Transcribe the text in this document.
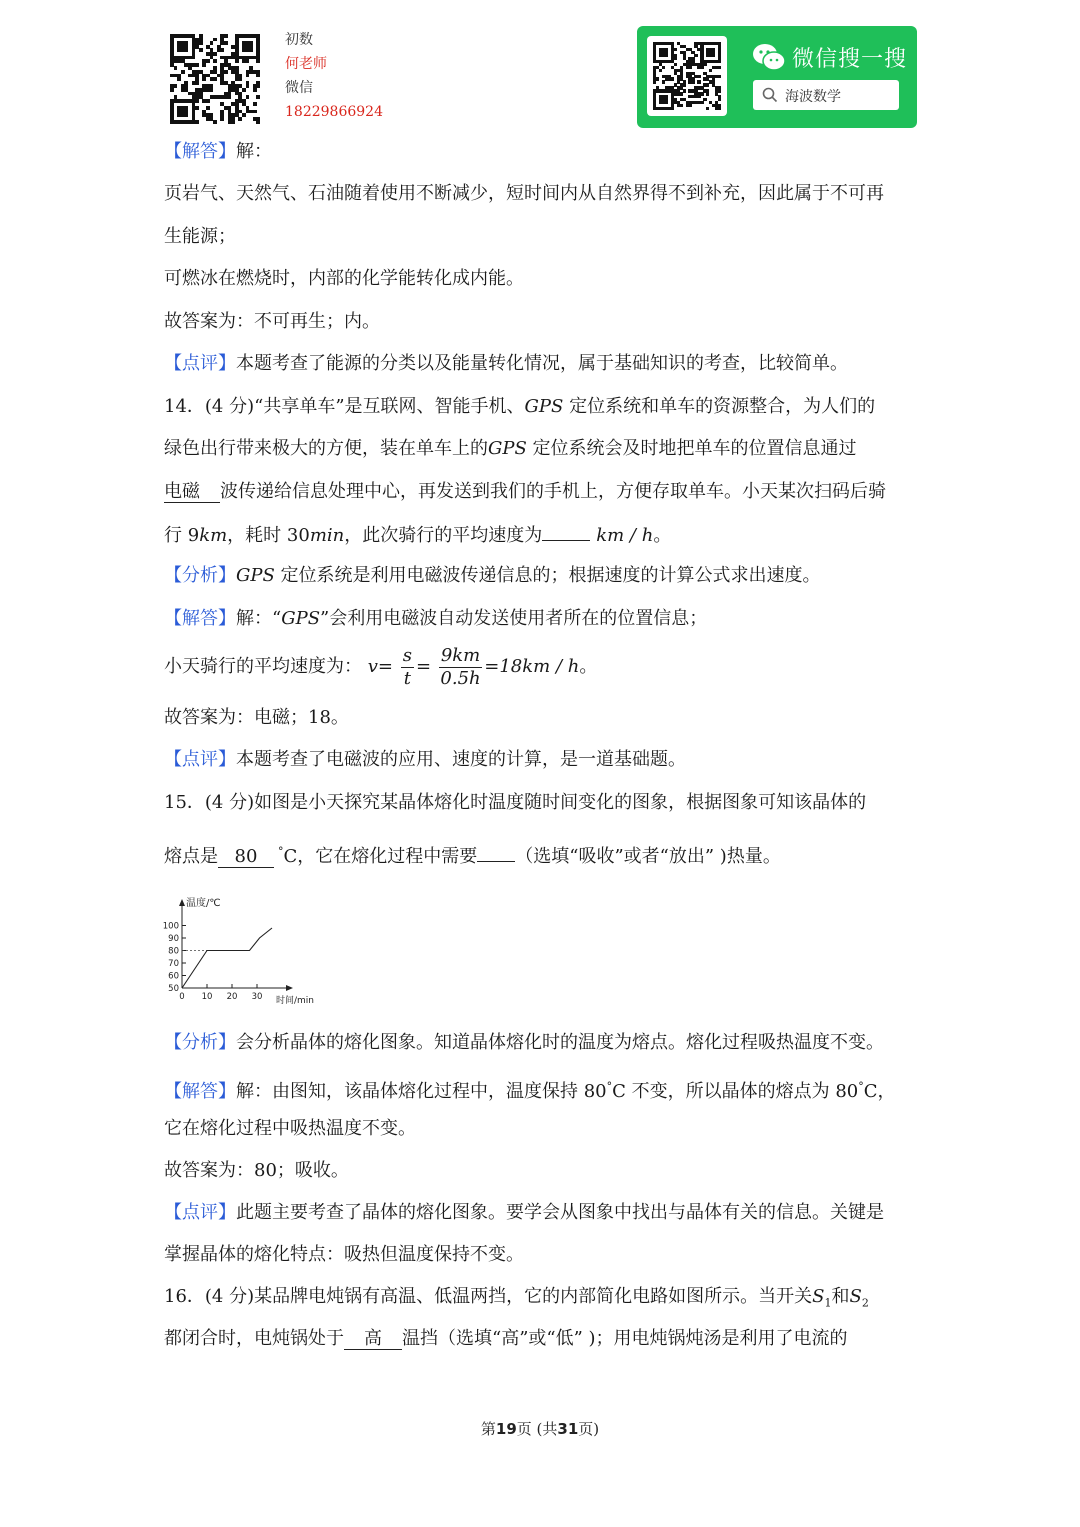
初数
何老师
微信
18229866924
微信搜一搜
海波数学
【解答】解：
页岩气、天然气、石油随着使用不断减少，短时间内从自然界得不到补充，因此属于不可再
生能源；
可燃冰在燃烧时，内部的化学能转化成内能。
故答案为：不可再生；内。
【点评】本题考查了能源的分类以及能量转化情况，属于基础知识的考查，比较简单。
14．(4 分)“共享单车”是互联网、智能手机、GPS 定位系统和单车的资源整合，为人们的
绿色出行带来极大的方便，装在单车上的GPS 定位系统会及时地把单车的位置信息通过
电磁 波传递给信息处理中心，再发送到我们的手机上，方便存取单车。小天某次扫码后骑
行 9km，耗时 30min，此次骑行的平均速度为	km / h。
【分析】GPS 定位系统是利用电磁波传递信息的；根据速度的计算公式求出速度。
【解答】解：“GPS”会利用电磁波自动发送使用者所在的位置信息；
小天骑行的平均速度为： $v= \frac{s}{t} = \frac{9km}{0.5h} =18km / h$。
故答案为：电磁；18。
【点评】本题考查了电磁波的应用、速度的计算，是一道基础题。
15．(4 分)如图是小天探究某晶体熔化时温度随时间变化的图象，根据图象可知该晶体的
熔点是 80 °C，它在熔化过程中需要 （选填“吸收”或者“放出” )热量。
温度/℃
时间/min
50
60
70
80
90
100
0 10 20 30
【分析】会分析晶体的熔化图象。知道晶体熔化时的温度为熔点。熔化过程吸热温度不变。
【解答】解：由图知，该晶体熔化过程中，温度保持 80°C 不变，所以晶体的熔点为 80°C，
它在熔化过程中吸热温度不变。
故答案为：80；吸收。
【点评】此题主要考查了晶体的熔化图象。要学会从图象中找出与晶体有关的信息。关键是
掌握晶体的熔化特点：吸热但温度保持不变。
16．(4 分)某品牌电炖锅有高温、低温两挡，它的内部简化电路如图所示。当开关$S_1$和$S_2$
都闭合时，电炖锅处于 高 温挡（选填“高”或“低” )；用电炖锅炖汤是利用了电流的
第19页 (共31页)
